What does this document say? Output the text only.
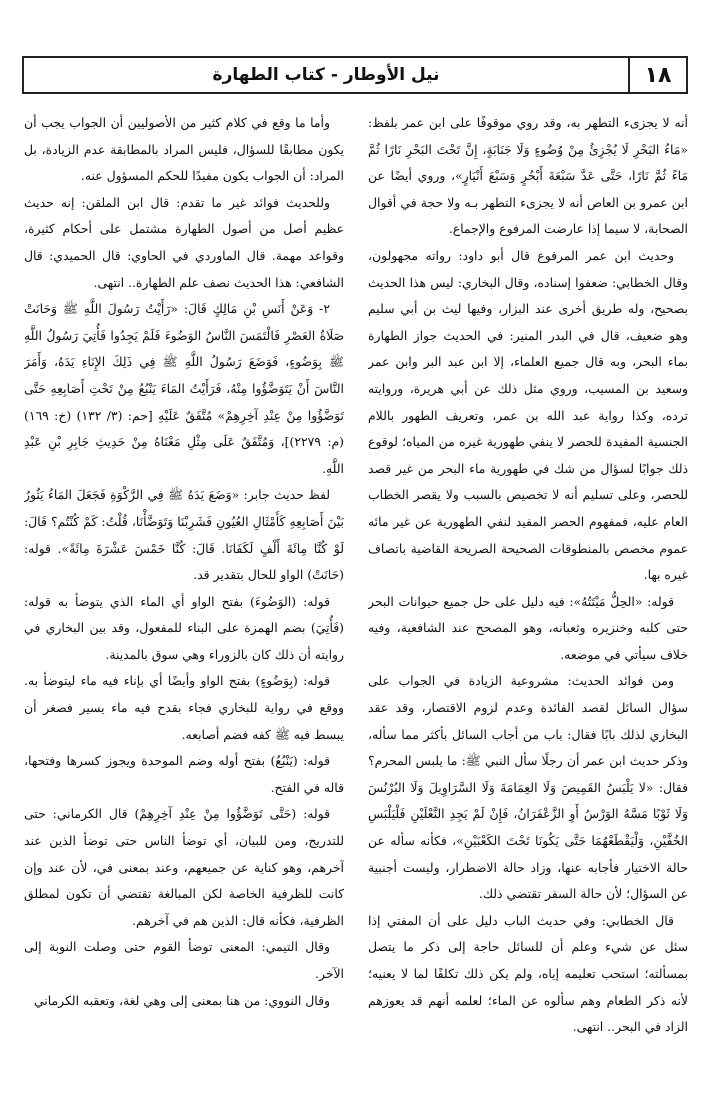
١٨
نيل الأوطار - كتاب الطهارة

أنه لا يجزىء التطهر به، وقد روي موقوفًا على ابن عمر بلفظ: «مَاءُ البَحْرِ لَا يُجْزِئُ مِنْ وُضُوءٍ وَلَا جَنَابَةٍ، إِنَّ تَحْتَ البَحْرِ نَارًا ثُمَّ مَاءً ثُمَّ نَارًا، حَتَّى عَدَّ سَبْعَةَ أَبْحُرٍ وَسَبْعَ أَنْيَارٍ»، وروي أيضًا عن ابن عمرو بن العاص أنه لا يجزىء التطهر بـه ولا حجة في أقوال الصحابة، لا سيما إذا عارضت المرفوع والإجماع.

وحديث ابن عمر المرفوع قال أبو داود: رواته مجهولون، وقال الخطابي: ضعفوا إسناده، وقال البخاري: ليس هذا الحديث بصحيح، وله طريق أخرى عند البزار، وفيها ليث بن أبي سليم وهو ضعيف، قال في البدر المنير: في الحديث جواز الطهارة بماء البحر، وبه قال جميع العلماء، إلا ابن عبد البر وابن عمر وسعيد بن المسيب، وروي مثل ذلك عن أبي هريرة، وروايته ترده، وكذا رواية عبد الله بن عمر، وتعريف الطهور باللام الجنسية المفيدة للحصر لا ينفي طهورية غيره من المياه؛ لوقوع ذلك جوابًا لسؤال من شك في طهورية ماء البحر من غير قصد للحصر، وعلى تسليم أنه لا تخصيص بالسبب ولا يقصر الخطاب العام عليه، فمفهوم الحصر المفيد لنفي الطهورية عن غير مائه عموم مخصص بالمنطوقات الصحيحة الصريحة القاضية باتصاف غيره بها.

قوله: «الحِلُّ مَيْتَتُهُ»: فيه دليل على حل جميع حيوانات البحر حتى كلبه وخنزيره وثعبانه، وهو المصحح عند الشافعية، وفيه خلاف سيأتي في موضعه.

ومن فوائد الحديث: مشروعية الزيادة في الجواب على سؤال السائل لقصد الفائدة وعدم لزوم الاقتصار، وقد عقد البخاري لذلك بابًا فقال: باب من أجاب السائل بأكثر مما سأله، وذكر حديث ابن عمر أن رجلًا سأل النبي ﷺ: ما يلبس المحرم؟ فقال: «لا يَلْبَسُ القَمِيصَ وَلَا العِمَامَةَ وَلَا السَّرَاوِيلَ وَلَا البُرْنُسَ وَلَا ثَوْبًا مَسَّهُ الوَرْسُ أَوِ الزَّعْفَرَانُ، فَإِنْ لَمْ يَجِدِ النَّعْلَيْنِ فَلْيَلْبَسِ الخُفَّيْنِ، وَلْيَقْطَعْهُمَا حَتَّى يَكُونَا تَحْتَ الكَعْبَيْنِ»، فكأنه سأله عن حالة الاختيار فأجابه عنها، وزاد حالة الاضطرار، وليست أجنبية عن السؤال؛ لأن حالة السفر تقتضي ذلك.

قال الخطابي: وفي حديث الباب دليل على أن المفتي إذا سئل عن شيء وعلم أن للسائل حاجة إلى ذكر ما يتصل بمسألته؛ استحب تعليمه إياه، ولم يكن ذلك تكلفًا لما لا يعنيه؛ لأنه ذكر الطعام وهم سألوه عن الماء؛ لعلمه أنهم قد يعوزهم الزاد في البحر.. انتهى.

وأما ما وقع في كلام كثير من الأصوليين أن الجواب يجب أن يكون مطابقًا للسؤال، فليس المراد بالمطابقة عدم الزيادة، بل المراد: أن الجواب يكون مفيدًا للحكم المسؤول عنه.

وللحديث فوائد غير ما تقدم: قال ابن الملقن: إنه حديث عظيم أصل من أصول الطهارة مشتمل على أحكام كثيرة، وقواعد مهمة. قال الماوردي في الحاوي: قال الحميدي: قال الشافعي: هذا الحديث نصف علم الطهارة.. انتهى.

٢- وَعَنْ أَنَسِ بْنِ مَالِكٍ قَالَ: «رَأَيْتُ رَسُولَ اللَّهِ ﷺ وَحَانَتْ صَلَاةُ العَصْرِ فَالْتَمَسَ النَّاسُ الوَضُوءَ فَلَمْ يَجِدُوا فَأُتِيَ رَسُولُ اللَّهِ ﷺ بِوَضُوءٍ، فَوَضَعَ رَسُولُ اللَّهِ ﷺ فِي ذَلِكَ الإِنَاءِ يَدَهُ، وَأَمَرَ النَّاسَ أَنْ يَتَوَضَّؤُوا مِنْهُ، فَرَأَيْتُ المَاءَ يَنْبُعُ مِنْ تَحْتِ أَصَابِعِهِ حَتَّى تَوَضَّؤُوا مِنْ عِنْدِ آخِرِهِمْ» مُتَّفَقٌ عَلَيْهِ [حم: (٣/ ١٣٢) (خ: ١٦٩) (م: ٢٢٧٩)]، وَمُتَّفَقٌ عَلَى مِثْلِ مَعْنَاهُ مِنْ حَدِيثِ جَابِرِ بْنِ عَبْدِ اللَّهِ.

لفظ حديث جابر: «وَضَعَ يَدَهُ ﷺ فِي الرَّكْوَةِ فَجَعَلَ المَاءُ يَثُورُ بَيْنَ أَصَابِعِهِ كَأَمْثَالِ العُيُونِ فَشَرِبْنَا وَتَوَضَّأْنَا، قُلْتُ: كَمْ كُنْتُم؟ قَالَ: لَوْ كُنَّا مِائَةَ أَلْفٍ لَكَفَانَا. قَالَ: كُنَّا خَمْسَ عَشْرَةَ مِائَةً». قوله: (حَانَتْ) الواو للحال بتقدير قد.

قوله: (الوَضُوءَ) بفتح الواو أي الماء الذي يتوضأ به قوله: (فَأُتِيَ) بضم الهمزة على البناء للمفعول، وقد بين البخاري في روايته أن ذلك كان بالزوراء وهي سوق بالمدينة.

قوله: (بِوَضُوءٍ) بفتح الواو وأيضًا أي بإناء فيه ماء ليتوضأ به. ووقع في رواية للبخاري فجاء بقدح فيه ماء يسير فصغر أن يبسط فيه ﷺ كفه فضم أصابعه.

قوله: (يَنْبُعُ) بفتح أوله وضم الموحدة ويجوز كسرها وفتحها، قاله في الفتح.

قوله: (حَتَّى تَوَضَّؤُوا مِنْ عِنْدِ آخِرِهِمْ) قال الكرماني: حتى للتدريج، ومن للبيان، أي توضأ الناس حتى توضأ الذين عند آخرهم، وهو كناية عن جميعهم، وعند بمعنى في، لأن عند وإن كانت للظرفية الخاصة لكن المبالغة تقتضي أن تكون لمطلق الظرفية، فكأنه قال: الذين هم في آخرهم.

وقال التيمي: المعنى توضأ القوم حتى وصلت النوبة إلى الآخر.

وقال النووي: من هنا بمعنى إلى وهي لغة، وتعقبه الكرماني
